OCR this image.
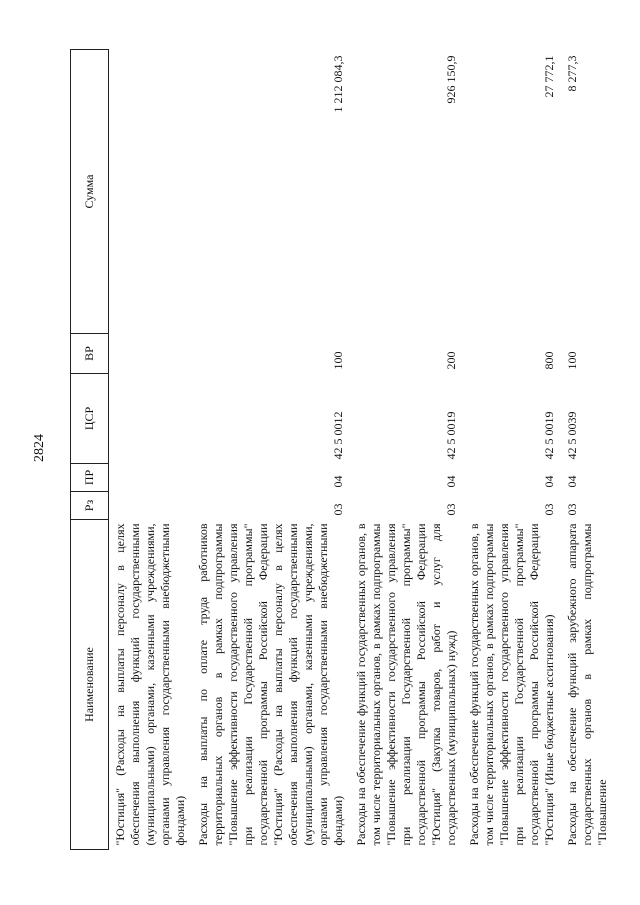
2824
Наименование	Рз	ПР	ЦСР	ВР	Сумма
"Юстиция" (Расходы на выплаты персоналу в целях обеспечения выполнения функций государственными (муниципальными) органами, казенными учреждениями, органами управления государственными внебюджетными фондами)					
Расходы на выплаты по оплате труда работников территориальных органов в рамках подпрограммы "Повышение эффективности государственного управления при реализации Государственной программы" государственной программы Российской Федерации "Юстиция" (Расходы на выплаты персоналу в целях обеспечения выполнения функций государственными (муниципальными) органами, казенными учреждениями, органами управления государственными внебюджетными фондами)	03	04	42 5 0012	100	1 212 084,3
Расходы на обеспечение функций государственных органов, в том числе территориальных органов, в рамках подпрограммы "Повышение эффективности государственного управления при реализации Государственной программы" государственной программы Российской Федерации "Юстиция" (Закупка товаров, работ и услуг для государственных (муниципальных) нужд)	03	04	42 5 0019	200	926 150,9
Расходы на обеспечение функций государственных органов, в том числе территориальных органов, в рамках подпрограммы "Повышение эффективности государственного управления при реализации Государственной программы" государственной программы Российской Федерации "Юстиция" (Иные бюджетные ассигнования)	03	04	42 5 0019	800	27 772,1
Расходы на обеспечение функций зарубежного аппарата государственных органов в рамках подпрограммы "Повышение	03	04	42 5 0039	100	8 277,3
